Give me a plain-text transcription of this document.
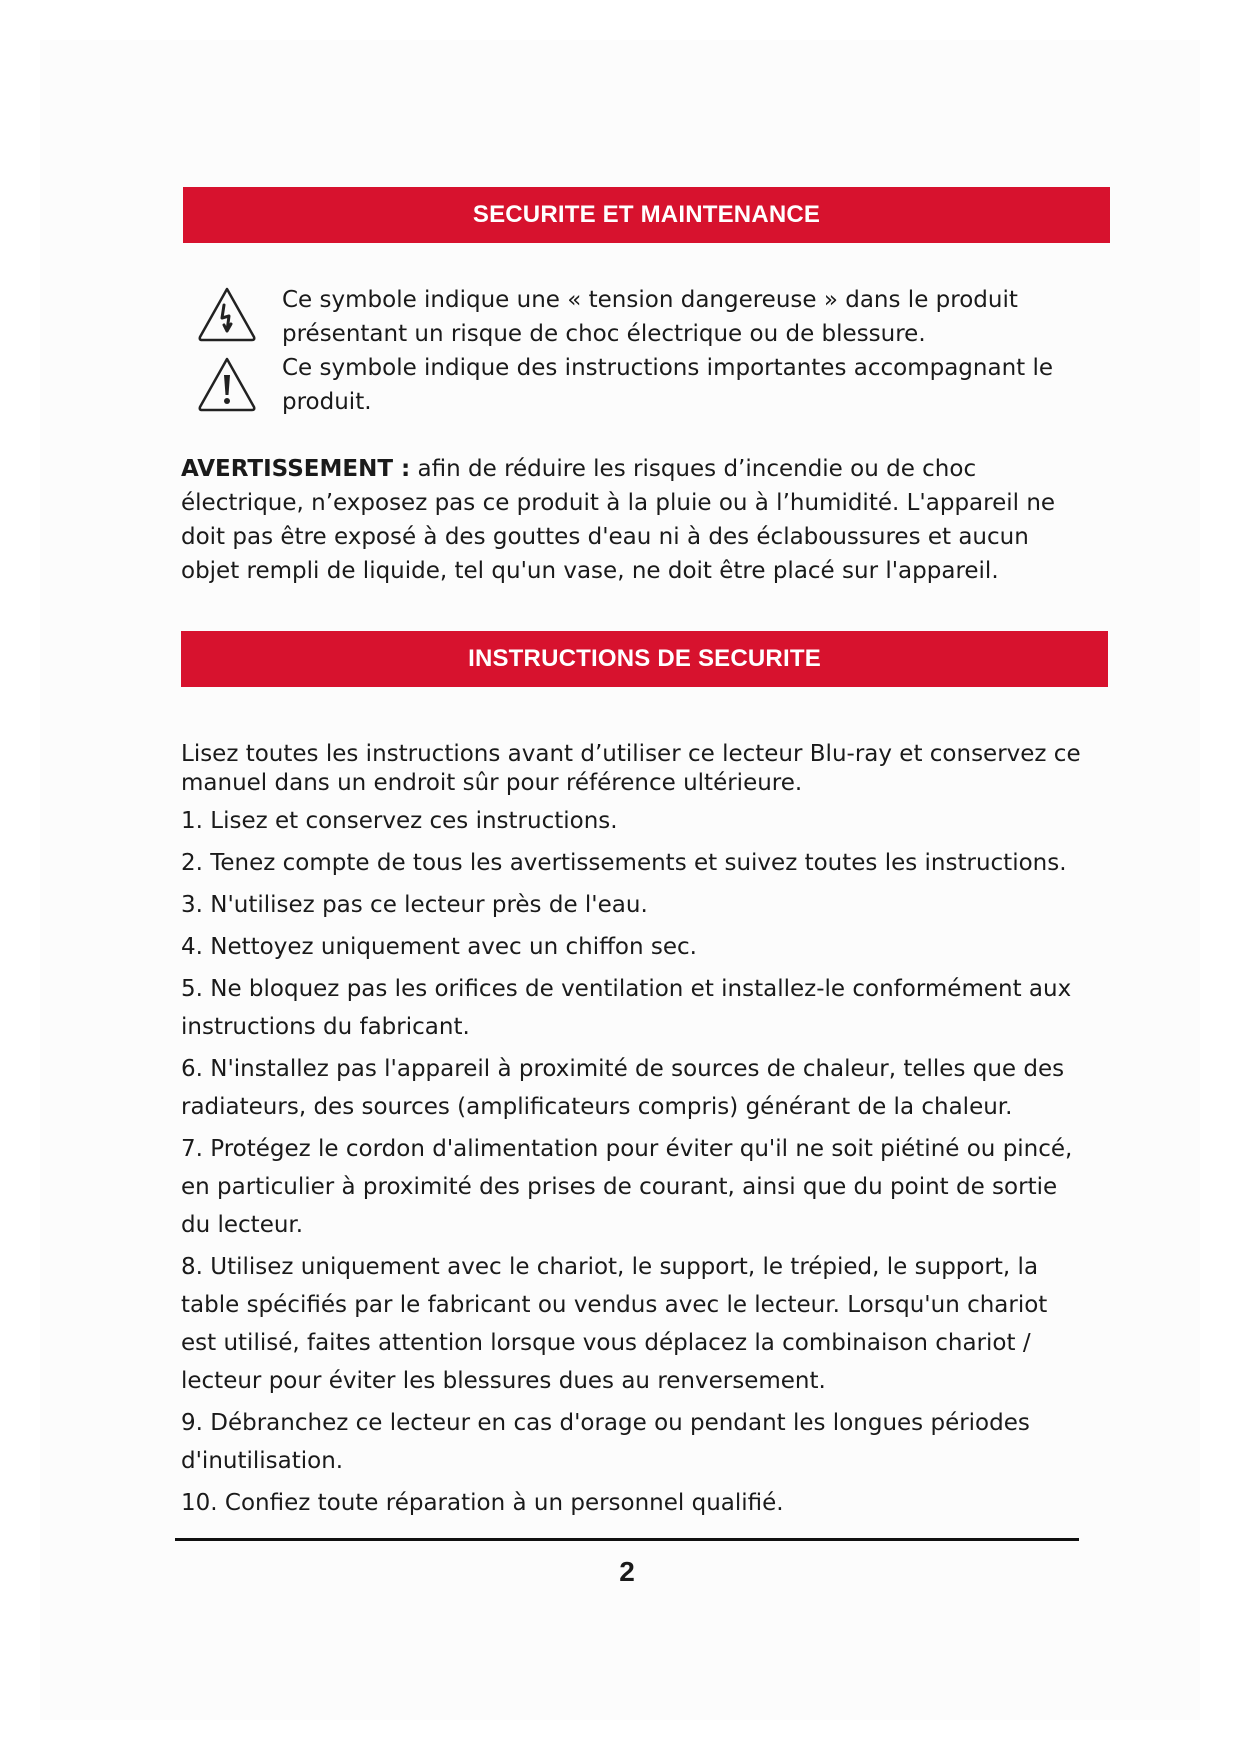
SECURITE ET MAINTENANCE

Ce symbole indique une « tension dangereuse » dans le produit

présentant un risque de choc électrique ou de blessure.

Ce symbole indique des instructions importantes accompagnant le

produit.

AVERTISSEMENT : afin de réduire les risques d’incendie ou de choc électrique, n’exposez pas ce produit à la pluie ou à l’humidité. L'appareil ne doit pas être exposé à des gouttes d'eau ni à des éclaboussures et aucun objet rempli de liquide, tel qu'un vase, ne doit être placé sur l'appareil.
INSTRUCTIONS DE SECURITE

Lisez toutes les instructions avant d’utiliser ce lecteur Blu-ray et conservez ce manuel dans un endroit sûr pour référence ultérieure.

1. Lisez et conservez ces instructions.
2. Tenez compte de tous les avertissements et suivez toutes les instructions.
3. N'utilisez pas ce lecteur près de l'eau.
4. Nettoyez uniquement avec un chiffon sec.
5. Ne bloquez pas les orifices de ventilation et installez-le conformément aux instructions du fabricant.
6. N'installez pas l'appareil à proximité de sources de chaleur, telles que des radiateurs, des sources (amplificateurs compris) générant de la chaleur.
7. Protégez le cordon d'alimentation pour éviter qu'il ne soit piétiné ou pincé, en particulier à proximité des prises de courant, ainsi que du point de sortie du lecteur.
8. Utilisez uniquement avec le chariot, le support, le trépied, le support, la table spécifiés par le fabricant ou vendus avec le lecteur. Lorsqu'un chariot est utilisé, faites attention lorsque vous déplacez la combinaison chariot / lecteur pour éviter les blessures dues au renversement.
9. Débranchez ce lecteur en cas d'orage ou pendant les longues périodes d'inutilisation.
10. Confiez toute réparation à un personnel qualifié.
2
